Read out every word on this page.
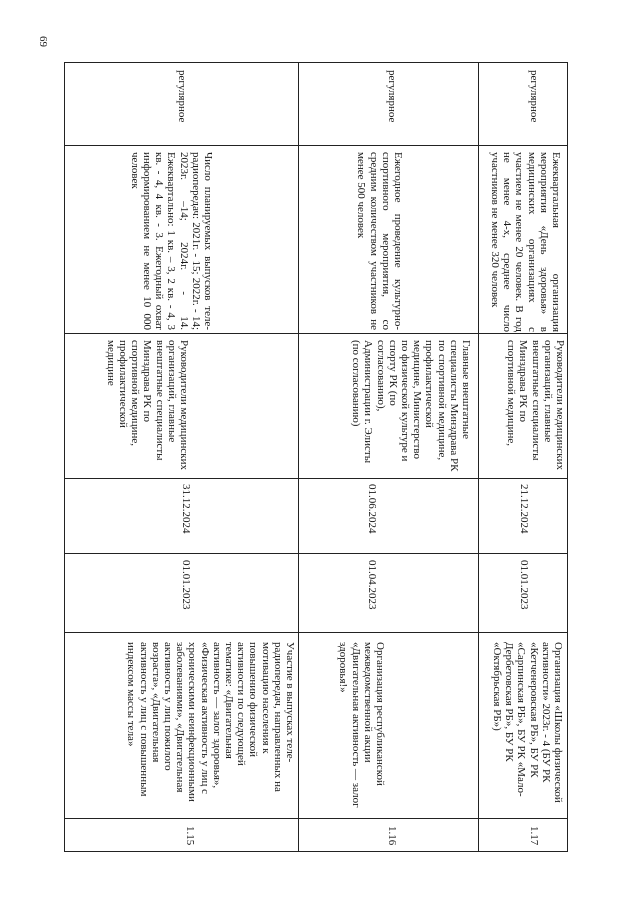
69
1.15
Участие в выпусках теле-радиопередач, направленных на мотивацию населения к повышению физической активности по следующей тематике: «Двигательная активность — залог здоровья», «Физическая активность у лиц с хроническими неинфекционными заболеваниями», «Двигательная активность у лиц пожилого возраста», «Двигательная активность у лиц с повышенным индексом массы тела»
01.01.2023
31.12.2024
Руководители медицинских организаций, главные внештатные специалисты Минздрава РК по спортивной медицине, профилактической медицине
Число планируемых выпусков теле-радиопередач: 2021г. - 15; 2022г. - 14; 2023г. –14; 2024г. - 14. Ежеквартально: 1 кв. – 3, 2 кв. - 4, 3 кв. - 4, 4 кв. - 3. Ежегодный охват информированием не менее 10 000 человек
регулярное
1.16
Организация республиканской межведомственной акции «Двигательная активность — залог здоровья!»
01.04.2023
01.06.2024
Главные внештатные специалисты Минздрава РК по спортивной медицине, профилактической медицине, Министерство по физической культуре и спорту РК (по согласованию), Администрации г. Элисты (по согласованию)
Ежегодное проведение культурно-спортивного мероприятия, со средним количеством участников не менее 500 человек
регулярное
1.17
Организация «Школы физической активности» 2023г. - 4 (БУ РК «Кетченеровская РБ», БУ РК «Сарпинская РБ», БУ РК «Мало-Дербетовская РБ», БУ РК «Октябрьская РБ»)
01.01.2023
21.12.2024
Руководители медицинских организаций, главные внештатные специалисты Минздрава РК по спортивной медицине,
Ежеквартальная организация мероприятия «День здоровья» в медицинских организациях с участием не менее 20 человек. В год не менее 4-х, среднее число участников не менее 320 человек
регулярное
